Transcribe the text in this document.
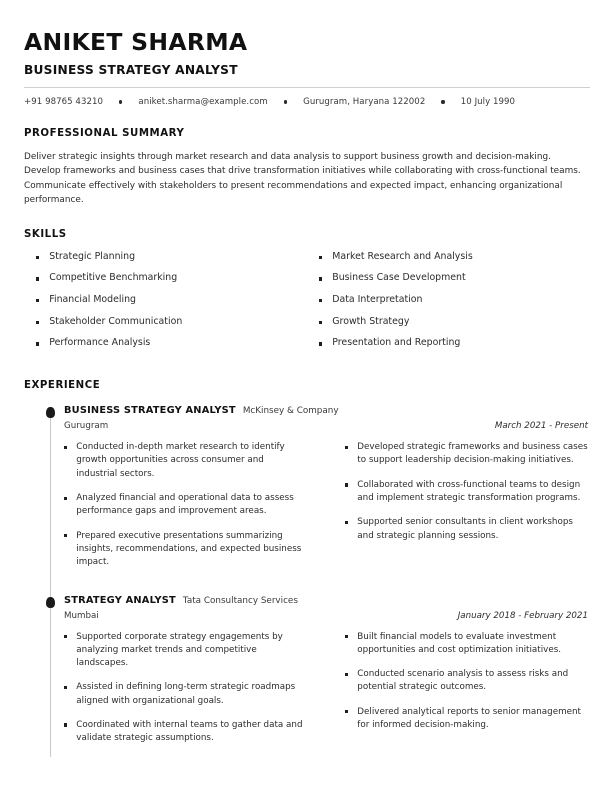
ANIKET SHARMA
BUSINESS STRATEGY ANALYST
+91 98765 43210	aniket.sharma@example.com	Gurugram, Haryana 122002	10 July 1990
PROFESSIONAL SUMMARY

Deliver strategic insights through market research and data analysis to support business growth and decision-making. Develop frameworks and business cases that drive transformation initiatives while collaborating with cross-functional teams. Communicate effectively with stakeholders to present recommendations and expected impact, enhancing organizational performance.

SKILLS
Strategic Planning
Competitive Benchmarking
Financial Modeling
Stakeholder Communication
Performance Analysis
Market Research and Analysis
Business Case Development
Data Interpretation
Growth Strategy
Presentation and Reporting
EXPERIENCE
BUSINESS STRATEGY ANALYST McKinsey & Company
Gurugram	March 2021 - Present
Conducted in-depth market research to identify growth opportunities across consumer and industrial sectors.
Analyzed financial and operational data to assess performance gaps and improvement areas.
Prepared executive presentations summarizing insights, recommendations, and expected business impact.
Developed strategic frameworks and business cases to support leadership decision-making initiatives.
Collaborated with cross-functional teams to design and implement strategic transformation programs.
Supported senior consultants in client workshops and strategic planning sessions.
STRATEGY ANALYST Tata Consultancy Services
Mumbai	January 2018 - February 2021
Supported corporate strategy engagements by analyzing market trends and competitive landscapes.
Assisted in defining long-term strategic roadmaps aligned with organizational goals.
Coordinated with internal teams to gather data and validate strategic assumptions.
Built financial models to evaluate investment opportunities and cost optimization initiatives.
Conducted scenario analysis to assess risks and potential strategic outcomes.
Delivered analytical reports to senior management for informed decision-making.
